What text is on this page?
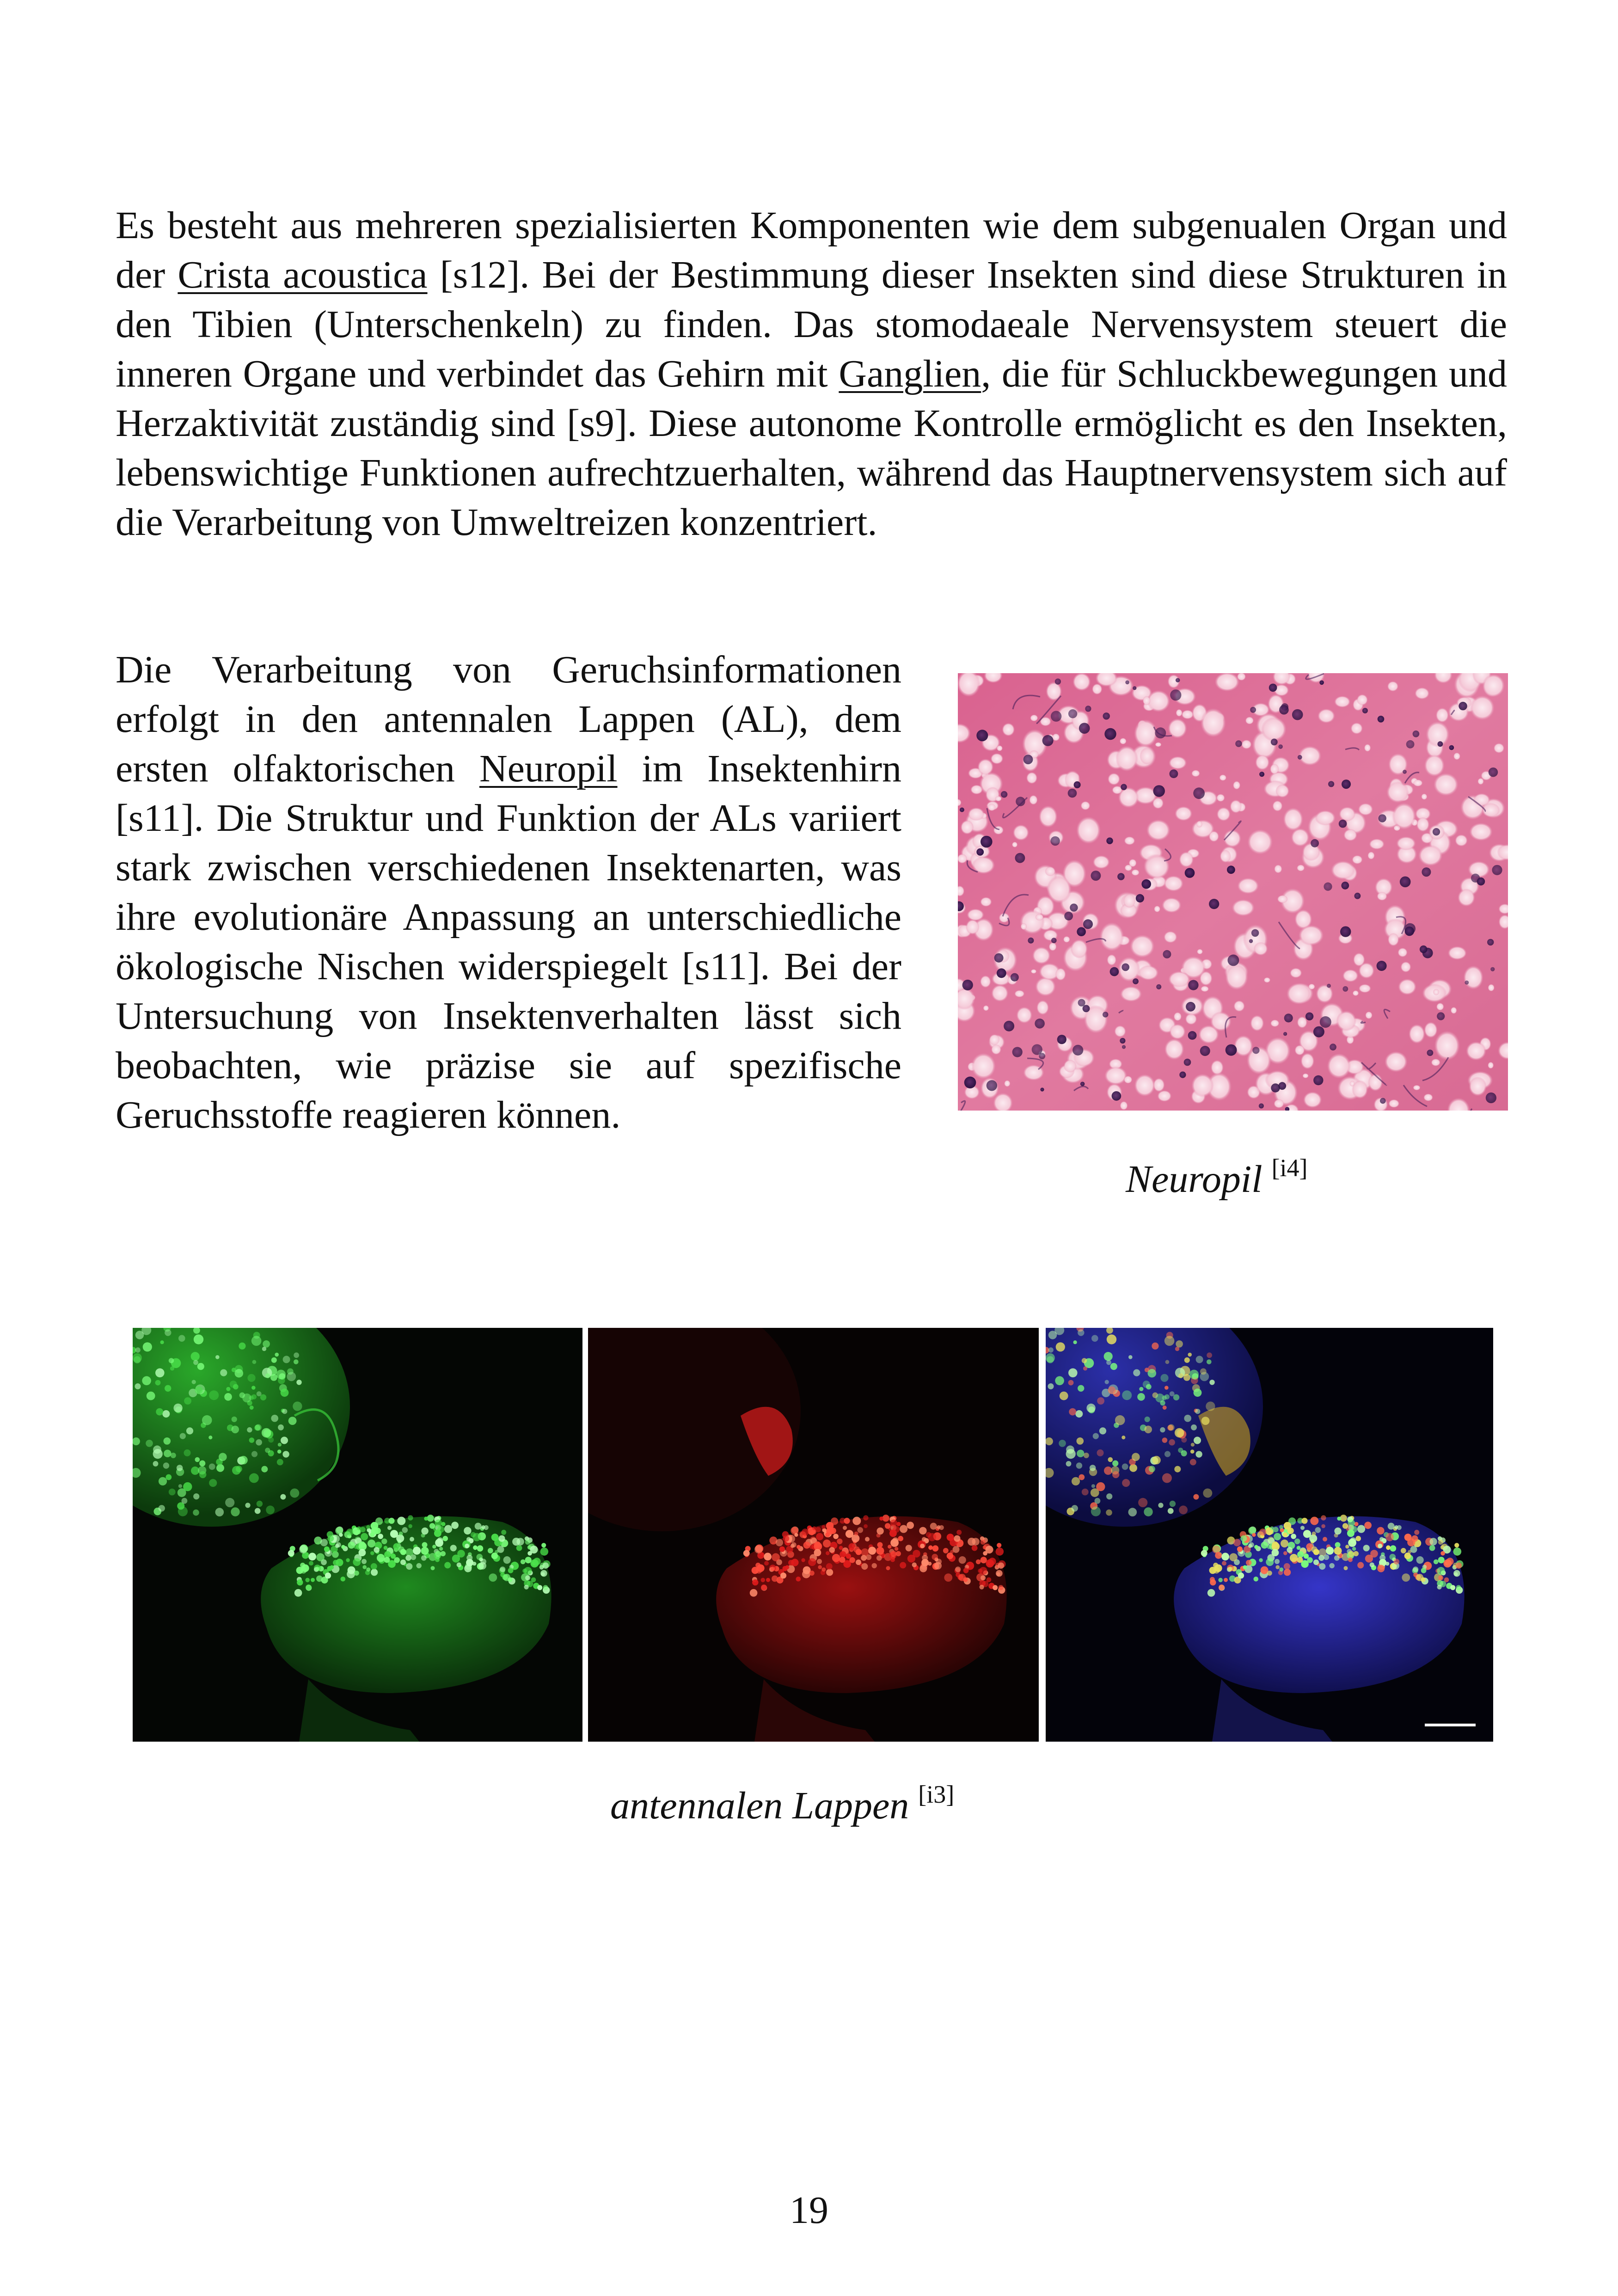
Es besteht aus mehreren spezialisierten Komponenten wie dem subgenualen Organ und der Crista acoustica [s12]. Bei der Bestimmung dieser Insekten sind diese Strukturen in den Tibien (Unterschenkeln) zu finden. Das stomodaeale Nervensystem steuert die inneren Organe und verbindet das Gehirn mit Ganglien, die für Schluckbewegungen und Herzaktivität zuständig sind [s9]. Diese autonome Kontrolle ermöglicht es den Insekten, lebenswichtige Funktionen aufrechtzuerhalten, während das Hauptnervensystem sich auf die Verarbeitung von Umweltreizen konzentriert.

Die Verarbeitung von Geruchsinformationen erfolgt in den antennalen Lappen (AL), dem ersten olfaktorischen Neuropil im Insektenhirn [s11]. Die Struktur und Funktion der ALs variiert stark zwischen verschiedenen Insektenarten, was ihre evolutionäre Anpassung an unterschiedliche ökologische Nischen widerspiegelt [s11]. Bei der Untersuchung von Insektenverhalten lässt sich beobachten, wie präzise sie auf spezifische Geruchsstoffe reagieren können.

Neuropil [i4]
antennalen Lappen [i3]
19
